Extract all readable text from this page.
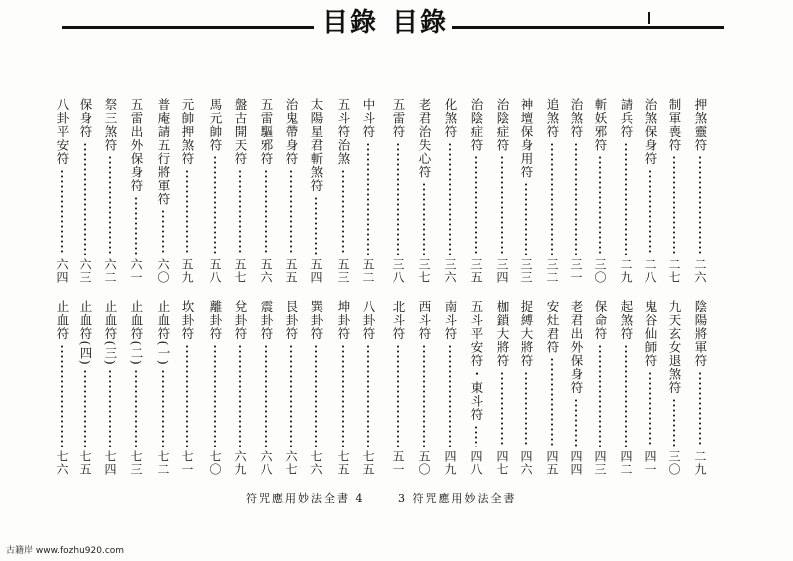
目錄 目錄
押煞靈符
二六
陰陽將軍符
二九
制軍喪符
二七
九天玄女退煞符
三〇
治煞保身符
二八
鬼谷仙師符
四一
請兵符
二九
起煞符
四二
斬妖邪符
三〇
保命符
四三
治煞符
三一
老君出外保身符
四四
追煞符
三二
安灶君符
四五
神壇保身用符
三三
捉縛大將符
四六
治陰症符
三四
枷鎖大將符
四七
治陰症符
三五
五斗平安符・東斗符
四八
化煞符
三六
南斗符
四九
老君治失心符
三七
西斗符
五〇
五雷符
三八
北斗符
五一
中斗符
五二
八卦符
七五
五斗符治煞
五三
坤卦符
七五
太陽星君斬煞符
五四
巽卦符
七六
治鬼帶身符
五五
艮卦符
六七
五雷驅邪符
五六
震卦符
六八
盤古開天符
五七
兌卦符
六九
馬元帥符
五八
離卦符
七〇
元帥押煞符
五九
坎卦符
七一
普庵請五行將軍符
六〇
止血符(一)
七二
五雷出外保身符
六一
止血符(二)
七三
祭三煞符
六二
止血符(三)
七四
保身符
六三
止血符(四)
七五
八卦平安符
六四
止血符
七六
符咒應用妙法全書 4	3 符咒應用妙法全書
古籍岸 www.fozhu920.com
